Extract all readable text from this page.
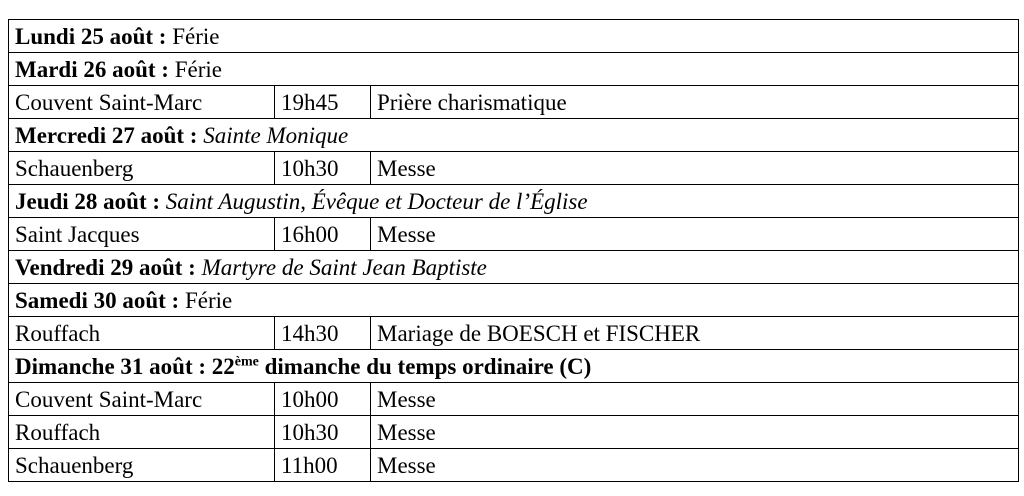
Lundi 25 août : Férie		
Mardi 26 août : Férie		
Couvent Saint-Marc	19h45	Prière charismatique
Mercredi 27 août : Sainte Monique		
Schauenberg	10h30	Messe
Jeudi 28 août : Saint Augustin, Évêque et Docteur de l’Église		
Saint Jacques	16h00	Messe
Vendredi 29 août : Martyre de Saint Jean Baptiste		
Samedi 30 août : Férie		
Rouffach	14h30	Mariage de BOESCH et FISCHER
Dimanche 31 août : 22ème dimanche du temps ordinaire (C)		
Couvent Saint-Marc	10h00	Messe
Rouffach	10h30	Messe
Schauenberg	11h00	Messe
